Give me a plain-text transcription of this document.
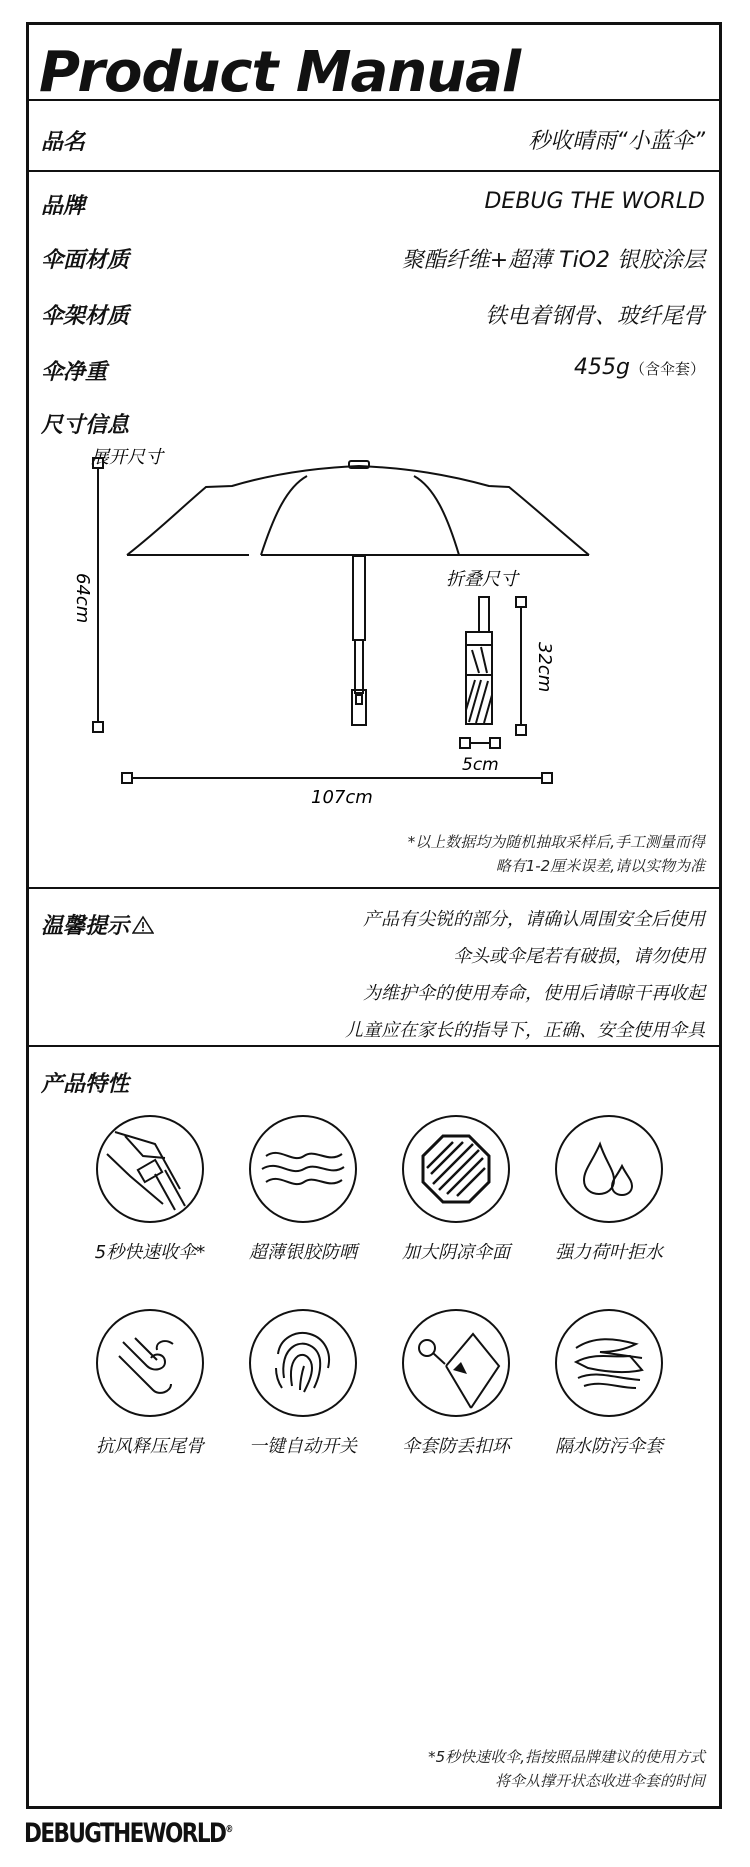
Product Manual
品名	秒收晴雨“小蓝伞”
品牌	DEBUG THE WORLD
伞面材质	聚酯纤维+超薄 TiO2 银胶涂层
伞架材质	铁电着钢骨、玻纤尾骨
伞净重	455g（含伞套）
尺寸信息
展开尺寸
64cm	折叠尺寸
5cm
32cm
107cm
*以上数据均为随机抽取采样后,手工测量而得
略有1-2厘米误差,请以实物为准
温馨提示	产品有尖锐的部分，请确认周围安全后使用
伞头或伞尾若有破损，请勿使用
为维护伞的使用寿命，使用后请晾干再收起
儿童应在家长的指导下，正确、安全使用伞具
产品特性
5秒快速收伞*	超薄银胶防晒	加大阴凉伞面	强力荷叶拒水
抗风释压尾骨	一键自动开关	伞套防丢扣环	隔水防污伞套
*5秒快速收伞,指按照品牌建议的使用方式
将伞从撑开状态收进伞套的时间
DEBUGTHEWORLD®
